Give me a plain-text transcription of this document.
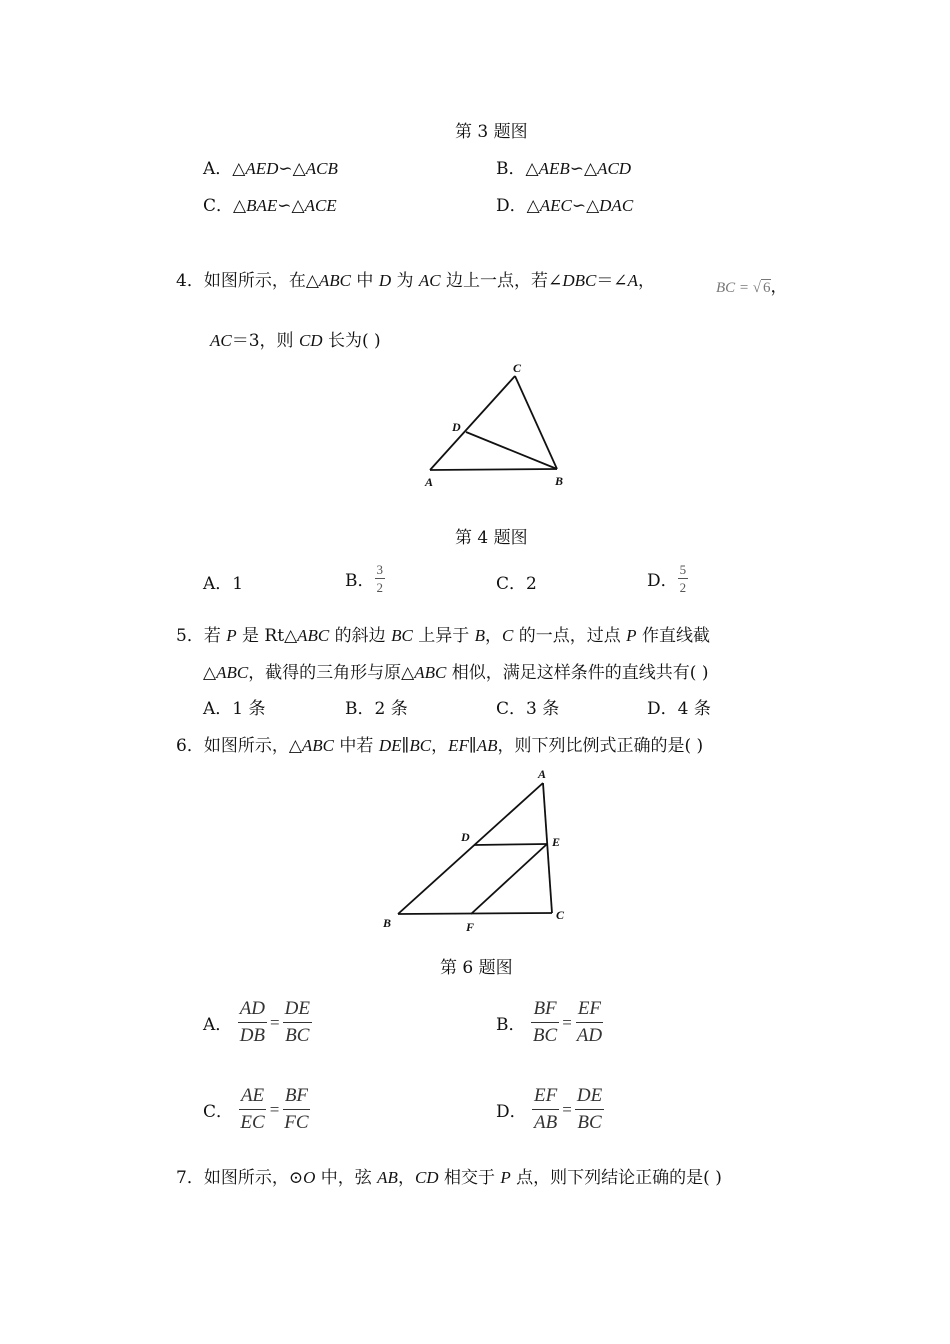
第 3 题图
A．△AED∽△ACB	B．△AEB∽△ACD
C．△BAE∽△ACE	D．△AEC∽△DAC
4．如图所示，在△ABC 中 D 为 AC 边上一点，若∠DBC＝∠A，	BC = √ 6，
AC＝3，则 CD 长为( )
A	B
C
D
第 4 题图
A．1	B． $\frac{3}{2}$	C．2	D． $\frac{5}{2}$
5．若 P 是 Rt△ABC 的斜边 BC 上异于 B，C 的一点，过点 P 作直线截
△ABC，截得的三角形与原△ABC 相似，满足这样条件的直线共有( )
A．1 条	B．2 条	C．3 条	D．4 条
6．如图所示，△ABC 中若 DE∥BC，EF∥AB，则下列比例式正确的是( )
A
B
C
D	E
F
第 6 题图
A． $\frac{AD}{DB} = \frac{DE}{BC}$	B． $\frac{BF}{BC} = \frac{EF}{AD}$
C． $\frac{AE}{EC} = \frac{BF}{FC}$	D． $\frac{EF}{AB} = \frac{DE}{BC}$
7．如图所示，⊙O 中，弦 AB，CD 相交于 P 点，则下列结论正确的是( )
